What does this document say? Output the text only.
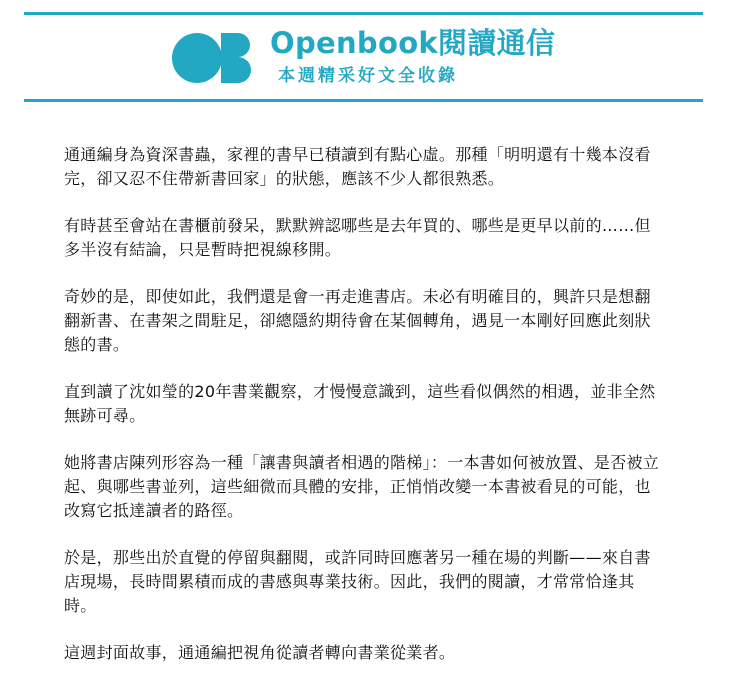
Openbook閱讀通信
本週精采好文全收錄

通通編身為資深書蟲，家裡的書早已積讀到有點心虛。那種「明明還有十幾本沒看完，卻又忍不住帶新書回家」的狀態，應該不少人都很熟悉。

有時甚至會站在書櫃前發呆，默默辨認哪些是去年買的、哪些是更早以前的……但多半沒有結論，只是暫時把視線移開。

奇妙的是，即使如此，我們還是會一再走進書店。未必有明確目的，興許只是想翻翻新書、在書架之間駐足，卻總隱約期待會在某個轉角，遇見一本剛好回應此刻狀態的書。

直到讀了沈如瑩的20年書業觀察，才慢慢意識到，這些看似偶然的相遇，並非全然無跡可尋。

她將書店陳列形容為一種「讓書與讀者相遇的階梯」：一本書如何被放置、是否被立起、與哪些書並列，這些細微而具體的安排，正悄悄改變一本書被看見的可能，也改寫它抵達讀者的路徑。

於是，那些出於直覺的停留與翻閱，或許同時回應著另一種在場的判斷——來自書店現場，長時間累積而成的書感與專業技術。因此，我們的閱讀，才常常恰逢其時。

這週封面故事，通通編把視角從讀者轉向書業從業者。
